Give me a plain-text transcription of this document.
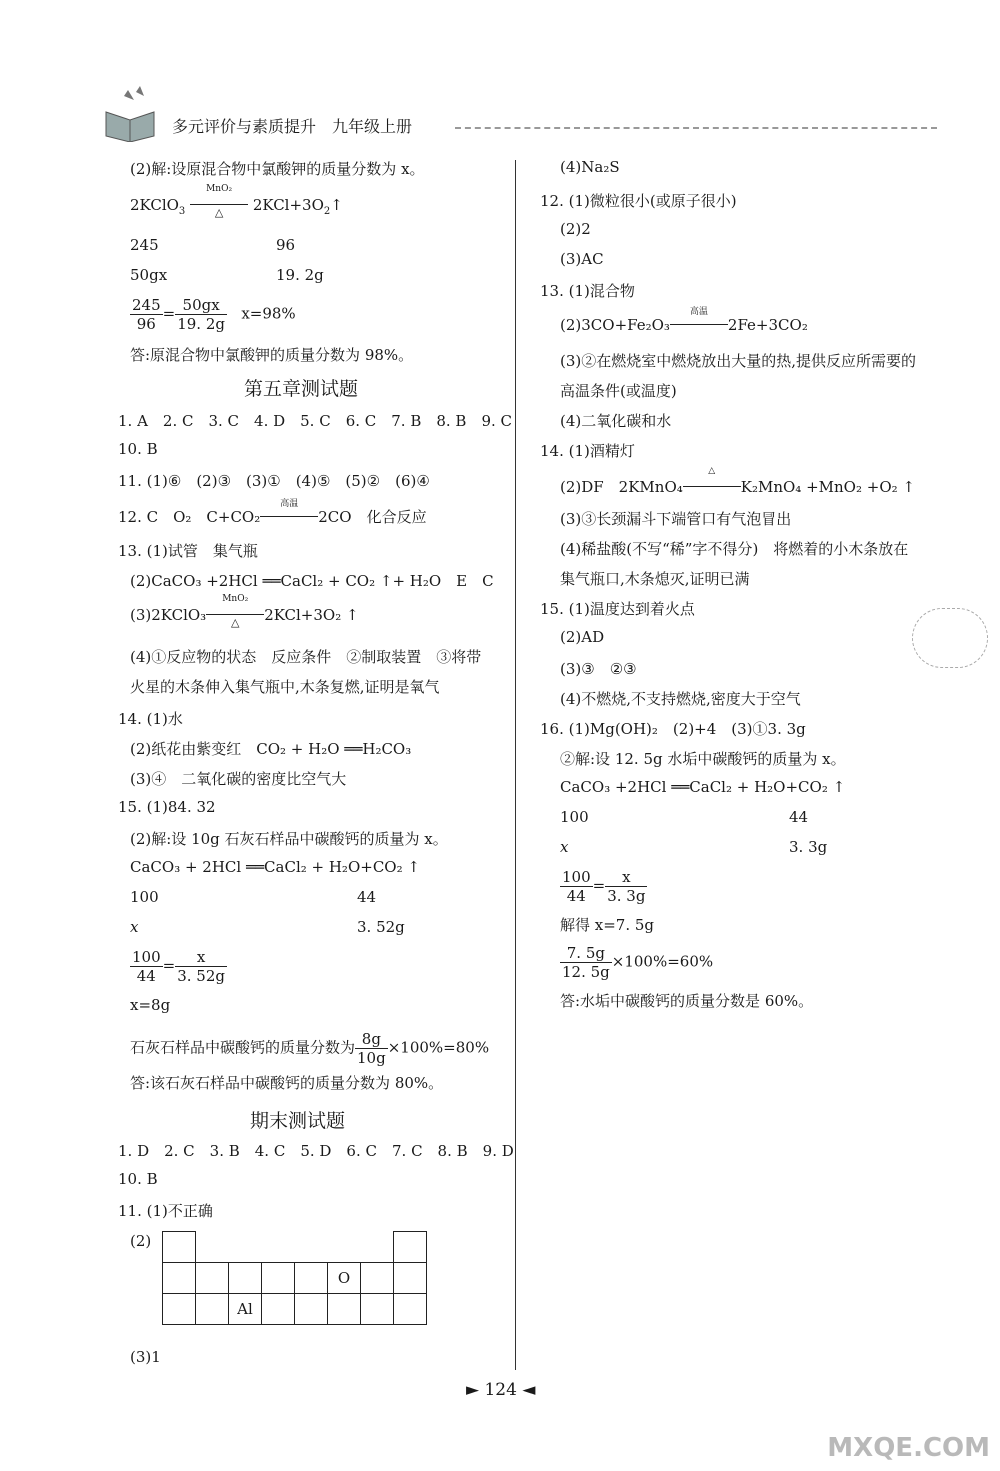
多元评价与素质提升　九年级上册
(2)解:设原混合物中氯酸钾的质量分数为 x。
2KClO$_3$
MnO₂
△	$2KCl+3O_2↑$
245	96
50gx	19. 2g
$\frac{245}{96} = \frac{50gx}{19. 2g} x=98\%$
答:原混合物中氯酸钾的质量分数为 98%。
第五章测试题
1. A　2. C　3. C　4. D　5. C　6. C　7. B　8. B　9. C
10. B
11. (1)⑥　(2)③　(3)①　(4)⑤　(5)②　(6)④
12. C　O₂　C+CO₂
高温
2CO　化合反应
13. (1)试管　集气瓶
(2)CaCO₃ +2HCl ══CaCl₂ + CO₂ ↑+ H₂O　E　C
(3)2KClO₃
MnO₂
△	2KCl+3O₂ ↑
(4)①反应物的状态　反应条件　②制取装置　③将带
火星的木条伸入集气瓶中,木条复燃,证明是氧气
14. (1)水
(2)纸花由紫变红　CO₂ + H₂O ══H₂CO₃
(3)④　二氧化碳的密度比空气大
15. (1)84. 32
(2)解:设 10g 石灰石样品中碳酸钙的质量为 x。
CaCO₃ + 2HCl ══CaCl₂ + H₂O+CO₂ ↑
100	44
x	3. 52g
$\frac{100}{44} = \frac{x}{3. 52g}$
x=8g
石灰石样品中碳酸钙的质量分数为 $\frac{8g}{10g} \times 100\%=80\%$
答:该石灰石样品中碳酸钙的质量分数为 80%。
期末测试题
1. D　2. C　3. B　4. C　5. D　6. C　7. C　8. B　9. D
10. B
11. (1)不正确
(2)

					O		
		Al					
(3)1
(4)Na₂S
12. (1)微粒很小(或原子很小)
(2)2
(3)AC
13. (1)混合物
(2)3CO+Fe₂O₃
高温
2Fe+3CO₂
(3)②在燃烧室中燃烧放出大量的热,提供反应所需要的
高温条件(或温度)
(4)二氧化碳和水
14. (1)酒精灯
(2)DF　2KMnO₄
△
K₂MnO₄ +MnO₂ +O₂ ↑
(3)③长颈漏斗下端管口有气泡冒出
(4)稀盐酸(不写“稀”字不得分)　将燃着的小木条放在
集气瓶口,木条熄灭,证明已满
15. (1)温度达到着火点
(2)AD
(3)③　②③
(4)不燃烧,不支持燃烧,密度大于空气
16. (1)Mg(OH)₂　(2)+4　(3)①3. 3g
②解:设 12. 5g 水垢中碳酸钙的质量为 x。
CaCO₃ +2HCl ══CaCl₂ + H₂O+CO₂ ↑
100	44
x	3. 3g
$\frac{100}{44} = \frac{x}{3. 3g}$
解得 x=7. 5g
$\frac{7. 5g}{12. 5g} \times 100\%=60\%$
答:水垢中碳酸钙的质量分数是 60%。
► 124 ◄
MXQE.COM
